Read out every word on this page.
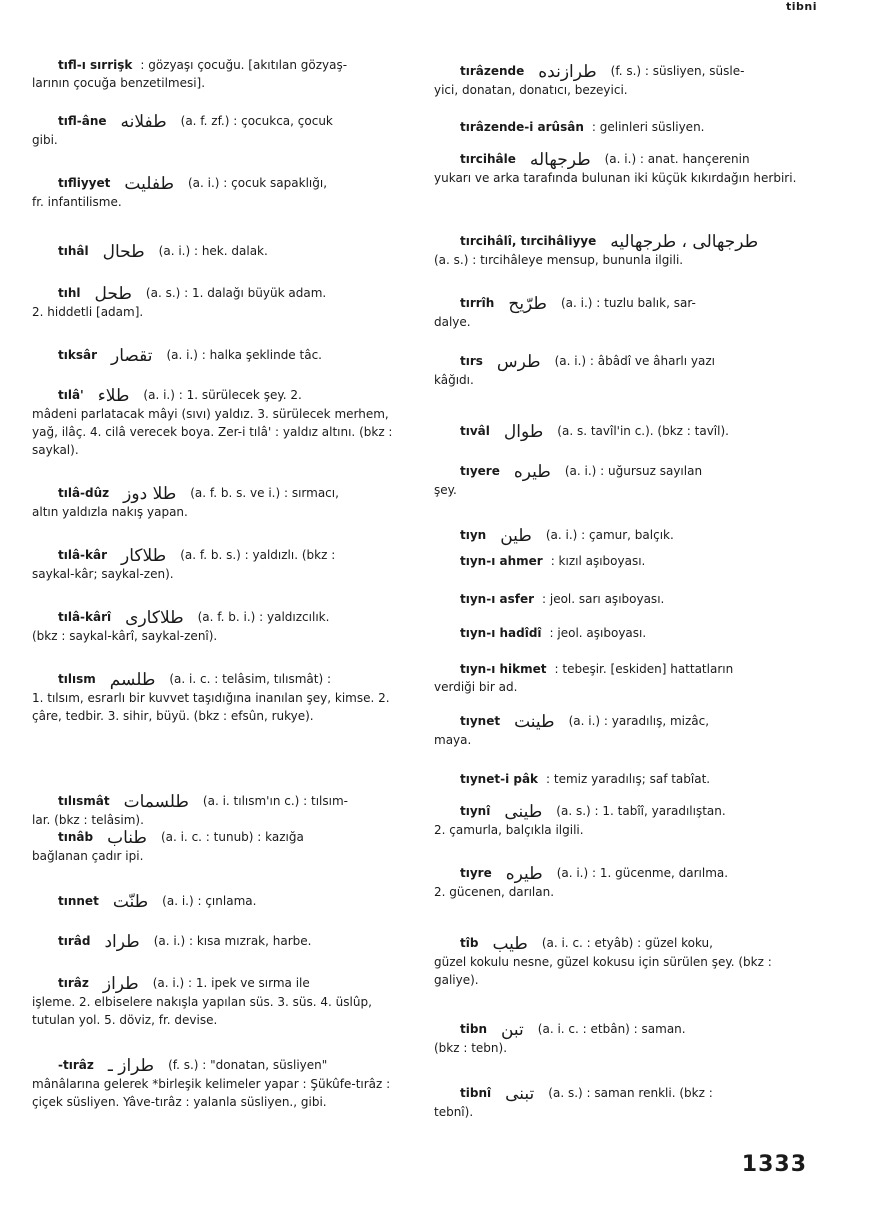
tibni
tıfl-ı sırrişk : gözyaşı çocuğu. [akıtılan gözyaş-
larının çocuğa benzetilmesi].
tıfl-âne طفلانه (a. f. zf.) : çocukca, çocuk
gibi.
tıfliyyet طفليت (a. i.) : çocuk sapaklığı,
fr. infantilisme.
tıhâl طحال (a. i.) : hek. dalak.
tıhl طحل (a. s.) : 1. dalağı büyük adam.
2. hiddetli [adam].
tıksâr تقصار (a. i.) : halka şeklinde tâc.
tılâ' طلاء (a. i.) : 1. sürülecek şey. 2.
mâdeni parlatacak mâyi (sıvı) yaldız. 3. sürülecek merhem, yağ, ilâç. 4. cilâ verecek boya. Zer-i tılâ' : yaldız altını. (bkz : saykal).
tılâ-dûz طلا دوز (a. f. b. s. ve i.) : sırmacı,
altın yaldızla nakış yapan.
tılâ-kâr طلاكار (a. f. b. s.) : yaldızlı. (bkz :
saykal-kâr; saykal-zen).
tılâ-kârî طلاكارى (a. f. b. i.) : yaldızcılık.
(bkz : saykal-kârî, saykal-zenî).
tılısm طلسم (a. i. c. : telâsim, tılısmât) :
1. tılsım, esrarlı bir kuvvet taşıdığına inanılan şey, kimse. 2. çâre, tedbir. 3. sihir, büyü. (bkz : efsûn, rukye).
tılısmât طلسمات (a. i. tılısm'ın c.) : tılsım-
lar. (bkz : telâsim).
tınâb طناب (a. i. c. : tunub) : kazığa
bağlanan çadır ipi.
tınnet طنّت (a. i.) : çınlama.
tırâd طراد (a. i.) : kısa mızrak, harbe.
tırâz طراز (a. i.) : 1. ipek ve sırma ile
işleme. 2. elbiselere nakışla yapılan süs. 3. süs. 4. üslûp, tutulan yol. 5. döviz, fr. devise.
-tırâz طراز ـ (f. s.) : "donatan, süsliyen"
mânâlarına gelerek *birleşik kelimeler yapar : Şükûfe-tırâz : çiçek süsliyen. Yâve-tırâz : yalanla süsliyen., gibi.
tırâzende طرازنده (f. s.) : süsliyen, süsle-
yici, donatan, donatıcı, bezeyici.
tırâzende-i arûsân : gelinleri süsliyen.
tırcihâle طرجهاله (a. i.) : anat. hançerenin
yukarı ve arka tarafında bulunan iki küçük kıkırdağın herbiri.
tırcihâlî, tırcihâliyye طرجهالى ، طرجهاليه
(a. s.) : tırcihâleye mensup, bununla ilgili.
tırrîh طرّيح (a. i.) : tuzlu balık, sar-
dalye.
tırs طرس (a. i.) : âbâdî ve âharlı yazı
kâğıdı.
tıvâl طوال (a. s. tavîl'in c.). (bkz : tavîl).
tıyere طيره (a. i.) : uğursuz sayılan
şey.
tıyn طين (a. i.) : çamur, balçık.
tıyn-ı ahmer : kızıl aşıboyası.
tıyn-ı asfer : jeol. sarı aşıboyası.
tıyn-ı hadîdî : jeol. aşıboyası.
tıyn-ı hikmet : tebeşir. [eskiden] hattatların
verdiği bir ad.
tıynet طينت (a. i.) : yaradılış, mizâc,
maya.
tıynet-i pâk : temiz yaradılış; saf tabîat.
tıynî طينى (a. s.) : 1. tabîî, yaradılıştan.
2. çamurla, balçıkla ilgili.
tıyre طيره (a. i.) : 1. gücenme, darılma.
2. gücenen, darılan.
tîb طيب (a. i. c. : etyâb) : güzel koku,
güzel kokulu nesne, güzel kokusu için sürülen şey. (bkz : galiye).
tibn تبن (a. i. c. : etbân) : saman.
(bkz : tebn).
tibnî تبنى (a. s.) : saman renkli. (bkz :
tebnî).
1333
